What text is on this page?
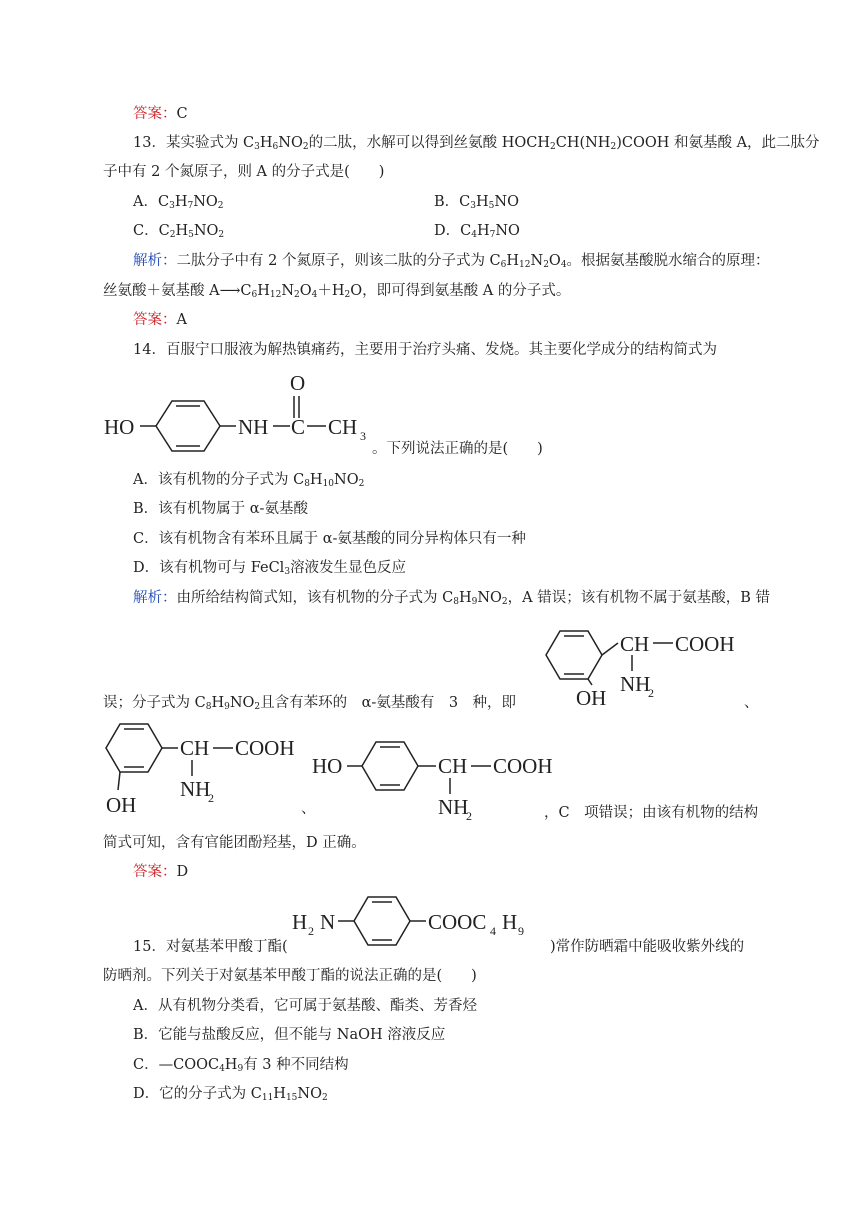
答案：C
13．某实验式为 $C_3H_6NO_2$的二肽，水解可以得到丝氨酸 $HOCH_2CH(NH_2)COOH$ 和氨基酸 A，此二肽分
子中有 2 个氮原子，则 A 的分子式是(　　)
A．$C_3H_7NO_2$	B．$C_3H_5NO$
C．$C_2H_5NO_2$	D．$C_4H_7NO$
解析：二肽分子中有 2 个氮原子，则该二肽的分子式为 $C_6H_{12}N_2O_4$。根据氨基酸脱水缩合的原理：
丝氨酸＋氨基酸 $A⟶C_6H_{12}N_2O_4+H_2O$，即可得到氨基酸 A 的分子式。
答案：A
14．百服宁口服液为解热镇痛药，主要用于治疗头痛、发烧。其主要化学成分的结构简式为
O
HO	NH C CH 3
。下列说法正确的是(　　)
A．该有机物的分子式为 $C_8H_{10}NO_2$
B．该有机物属于 α-氨基酸
C．该有机物含有苯环且属于 α-氨基酸的同分异构体只有一种
D．该有机物可与 FeCl$_3$溶液发生显色反应
解析：由所给结构简式知，该有机物的分子式为 $C_8H_9NO_2$，A 错误；该有机物不属于氨基酸，B 错
CH COOH
NH
2
OH
误；分子式为 $C_8H_9NO_2$且含有苯环的　α-氨基酸有　3　种，即	、
CH COOH
NH
2
OH	、
HO	CH COOH
NH
2	，C　项错误；由该有机物的结构
简式可知，含有官能团酚羟基，D 正确。
答案：D
H 2 N	COOC 4 H 9
15．对氨基苯甲酸丁酯(	)常作防晒霜中能吸收紫外线的
防晒剂。下列关于对氨基苯甲酸丁酯的说法正确的是(　　)
A．从有机物分类看，它可属于氨基酸、酯类、芳香烃
B．它能与盐酸反应，但不能与 NaOH 溶液反应
C．$—COOC_4H_9$有 3 种不同结构
D．它的分子式为 $C_{11}H_{15}NO_2$
